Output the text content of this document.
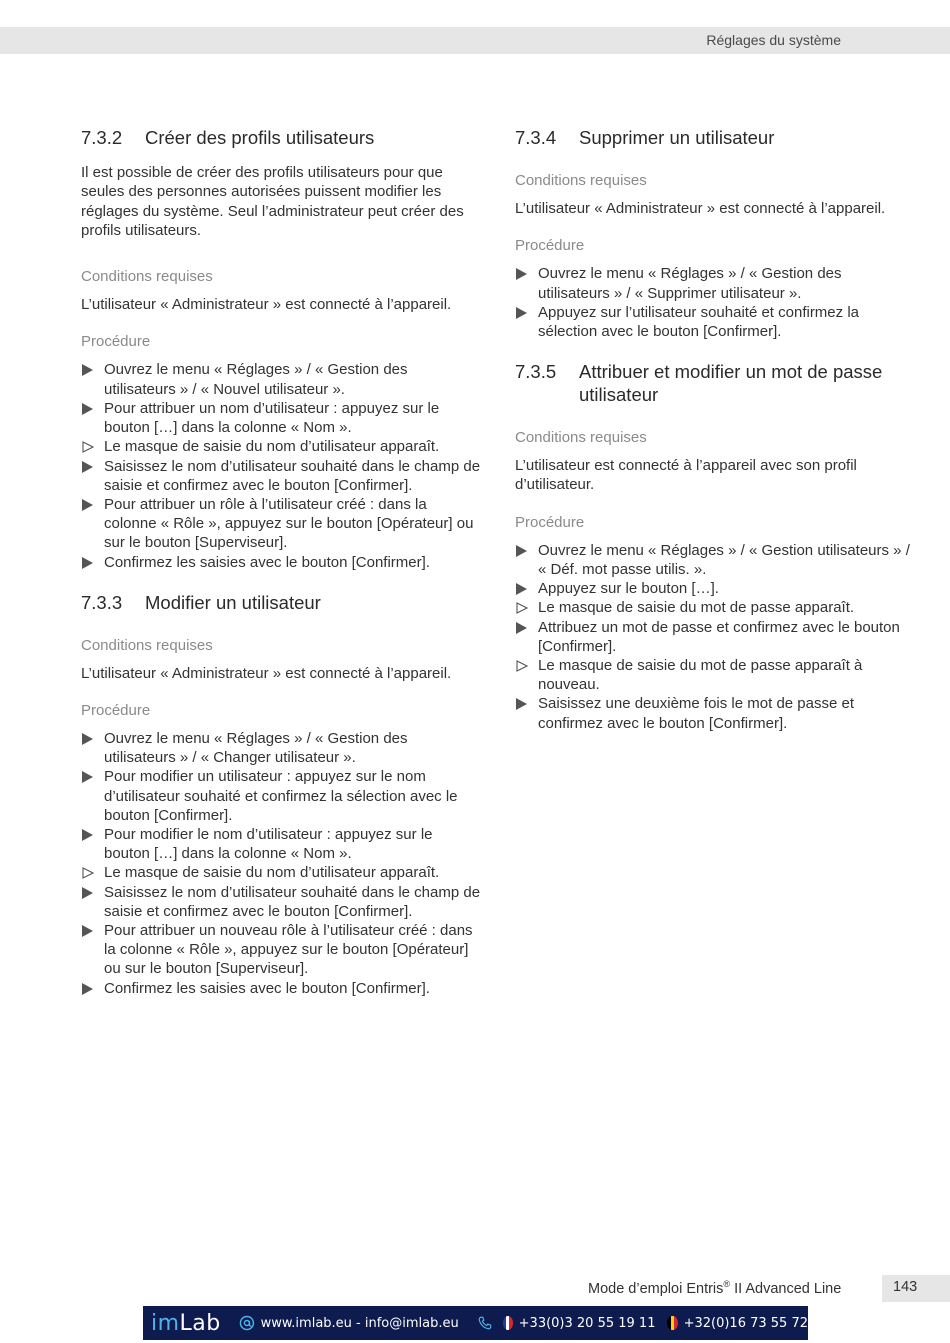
Réglages du système
7.3.2	Créer des profils utilisateurs

Il est possible de créer des profils utilisateurs pour que seules des personnes autorisées puissent modifier les réglages du système. Seul l’administrateur peut créer des profils utilisateurs.

Conditions requises

L’utilisateur « Administrateur » est connecté à l’appareil.

Procédure
Ouvrez le menu « Réglages » / « Gestion des utilisateurs » / « Nouvel utilisateur ».
Pour attribuer un nom d’utilisateur : appuyez sur le bouton […] dans la colonne « Nom ».
Le masque de saisie du nom d’utilisateur apparaît.
Saisissez le nom d’utilisateur souhaité dans le champ de saisie et confirmez avec le bouton [Confirmer].
Pour attribuer un rôle à l’utilisateur créé : dans la colonne « Rôle », appuyez sur le bouton [Opérateur] ou sur le bouton [Superviseur].
Confirmez les saisies avec le bouton [Confirmer].
7.3.3	Modifier un utilisateur
Conditions requises

L’utilisateur « Administrateur » est connecté à l’appareil.

Procédure
Ouvrez le menu « Réglages » / « Gestion des utilisateurs » / « Changer utilisateur ».
Pour modifier un utilisateur : appuyez sur le nom d’utilisateur souhaité et confirmez la sélection avec le bouton [Confirmer].
Pour modifier le nom d’utilisateur : appuyez sur le bouton […] dans la colonne « Nom ».
Le masque de saisie du nom d’utilisateur apparaît.
Saisissez le nom d’utilisateur souhaité dans le champ de saisie et confirmez avec le bouton [Confirmer].
Pour attribuer un nouveau rôle à l’utilisateur créé : dans la colonne « Rôle », appuyez sur le bouton [Opérateur] ou sur le bouton [Superviseur].
Confirmez les saisies avec le bouton [Confirmer].
7.3.4	Supprimer un utilisateur
Conditions requises

L’utilisateur « Administrateur » est connecté à l’appareil.

Procédure
Ouvrez le menu « Réglages » / « Gestion des utilisateurs » / « Supprimer utilisateur ».
Appuyez sur l’utilisateur souhaité et confirmez la sélection avec le bouton [Confirmer].
7.3.5	Attribuer et modifier un mot de passe utilisateur
Conditions requises

L’utilisateur est connecté à l’appareil avec son profil d’utilisateur.

Procédure
Ouvrez le menu « Réglages » / « Gestion utilisateurs » / « Déf. mot passe utilis. ».
Appuyez sur le bouton […].
Le masque de saisie du mot de passe apparaît.
Attribuez un mot de passe et confirmez avec le bouton [Confirmer].
Le masque de saisie du mot de passe apparaît à nouveau.
Saisissez une deuxième fois le mot de passe et confirmez avec le bouton [Confirmer].
Mode d’emploi Entris® II Advanced Line	143
imLab	www.imlab.eu - info@imlab.eu	+33(0)3 20 55 19 11 +32(0)16 73 55 72
